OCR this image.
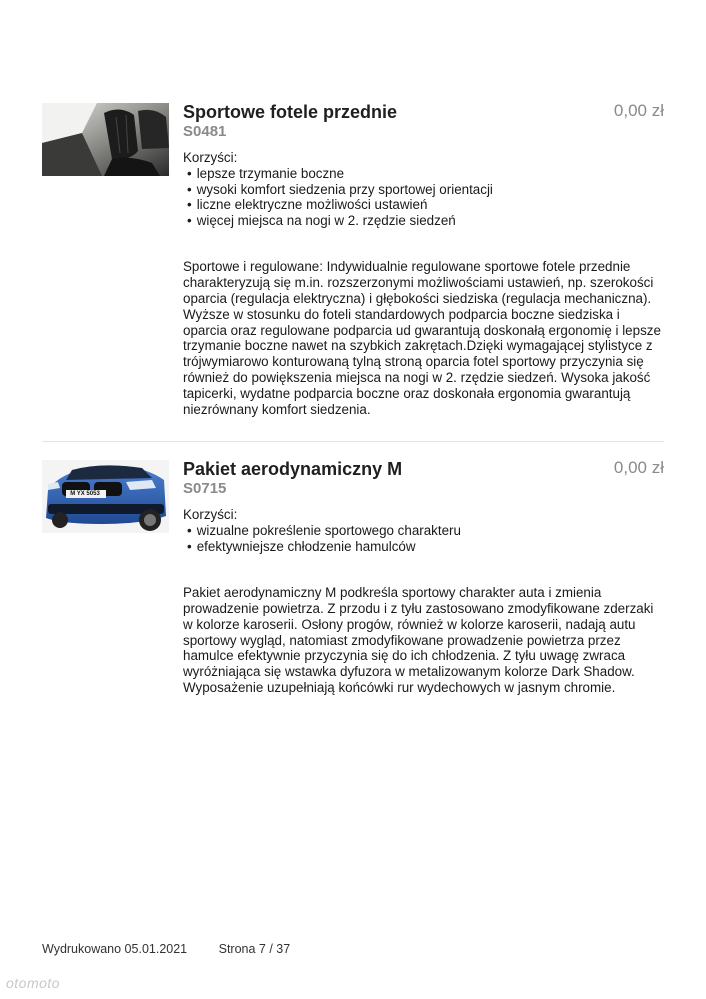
Sportowe fotele przednie
S0481
Korzyści:
• lepsze trzymanie boczne
• wysoki komfort siedzenia przy sportowej orientacji
• liczne elektryczne możliwości ustawień
• więcej miejsca na nogi w 2. rzędzie siedzeń
Sportowe i regulowane: Indywidualnie regulowane sportowe fotele przednie charakteryzują się m.in. rozszerzonymi możliwościami ustawień, np. szerokości oparcia (regulacja elektryczna) i głębokości siedziska (regulacja mechaniczna). Wyższe w stosunku do foteli standardowych podparcia boczne siedziska i oparcia oraz regulowane podparcia ud gwarantują doskonałą ergonomię i lepsze trzymanie boczne nawet na szybkich zakrętach.Dzięki wymagającej stylistyce z trójwymiarowo konturowaną tylną stroną oparcia fotel sportowy przyczynia się również do powiększenia miejsca na nogi w 2. rzędzie siedzeń. Wysoka jakość tapicerki, wydatne podparcia boczne oraz doskonała ergonomia gwarantują niezrównany komfort siedzenia.
0,00 zł
M YX 5053
Pakiet aerodynamiczny M
S0715
Korzyści:
• wizualne pokreślenie sportowego charakteru
• efektywniejsze chłodzenie hamulców
Pakiet aerodynamiczny M podkreśla sportowy charakter auta i zmienia prowadzenie powietrza. Z przodu i z tyłu zastosowano zmodyfikowane zderzaki w kolorze karoserii. Osłony progów, również w kolorze karoserii, nadają autu sportowy wygląd, natomiast zmodyfikowane prowadzenie powietrza przez hamulce efektywnie przyczynia się do ich chłodzenia. Z tyłu uwagę zwraca wyróżniająca się wstawka dyfuzora w metalizowanym kolorze Dark Shadow. Wyposażenie uzupełniają końcówki rur wydechowych w jasnym chromie.
0,00 zł
Wydrukowano 05.01.2021	Strona 7 / 37
otomoto
